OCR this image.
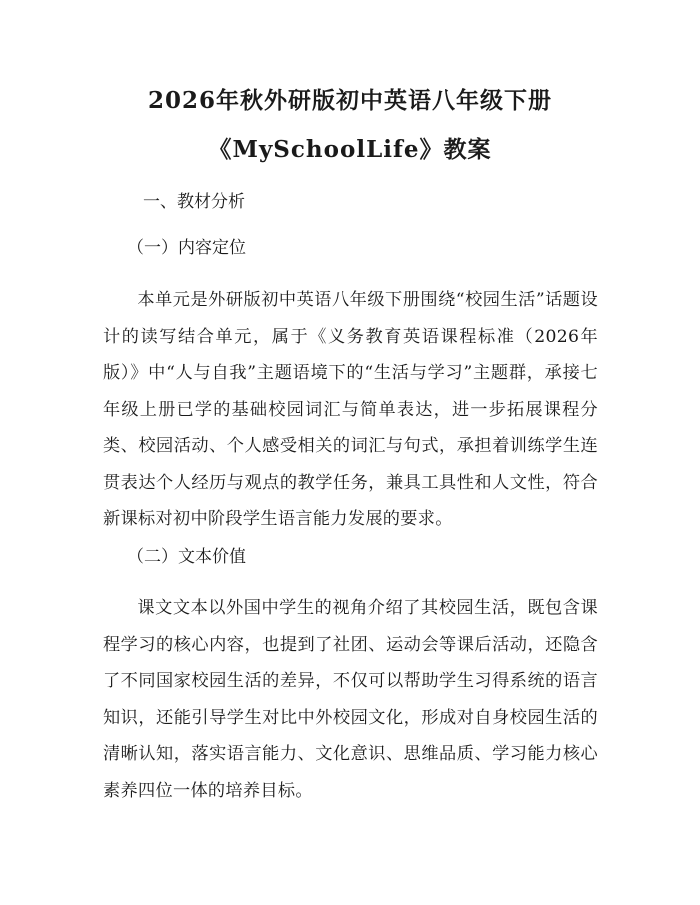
2026年秋外研版初中英语八年级下册
《MySchoolLife》教案
一、教材分析
（一）内容定位
本单元是外研版初中英语八年级下册围绕“校园生活”话题设计的读写结合单元，属于《义务教育英语课程标准（2026年版）》中“人与自我”主题语境下的“生活与学习”主题群，承接七年级上册已学的基础校园词汇与简单表达，进一步拓展课程分类、校园活动、个人感受相关的词汇与句式，承担着训练学生连贯表达个人经历与观点的教学任务，兼具工具性和人文性，符合新课标对初中阶段学生语言能力发展的要求。
（二）文本价值
课文文本以外国中学生的视角介绍了其校园生活，既包含课程学习的核心内容，也提到了社团、运动会等课后活动，还隐含了不同国家校园生活的差异，不仅可以帮助学生习得系统的语言知识，还能引导学生对比中外校园文化，形成对自身校园生活的清晰认知，落实语言能力、文化意识、思维品质、学习能力核心素养四位一体的培养目标。
